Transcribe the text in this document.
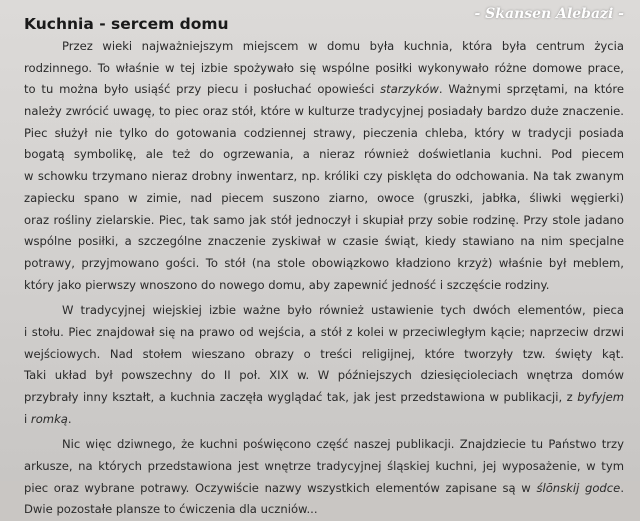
- Skansen Alebazi -
Kuchnia - sercem domu
Przez wieki najważniejszym miejscem w domu była kuchnia, która była centrum życia
rodzinnego. To właśnie w tej izbie spożywało się wspólne posiłki wykonywało różne domowe prace,
to tu można było usiąść przy piecu i posłuchać opowieści starzyków. Ważnymi sprzętami, na które
należy zwrócić uwagę, to piec oraz stół, które w kulturze tradycyjnej posiadały bardzo duże znaczenie.
Piec służył nie tylko do gotowania codziennej strawy, pieczenia chleba, który w tradycji posiada
bogatą symbolikę, ale też do ogrzewania, a nieraz również doświetlania kuchni. Pod piecem
w schowku trzymano nieraz drobny inwentarz, np. króliki czy pisklęta do odchowania. Na tak zwanym
zapiecku spano w zimie, nad piecem suszono ziarno, owoce (gruszki, jabłka, śliwki węgierki)
oraz rośliny zielarskie. Piec, tak samo jak stół jednoczył i skupiał przy sobie rodzinę. Przy stole jadano
wspólne posiłki, a szczególne znaczenie zyskiwał w czasie świąt, kiedy stawiano na nim specjalne
potrawy, przyjmowano gości. To stół (na stole obowiązkowo kładziono krzyż) właśnie był meblem,
który jako pierwszy wnoszono do nowego domu, aby zapewnić jedność i szczęście rodziny.
W tradycyjnej wiejskiej izbie ważne było również ustawienie tych dwóch elementów, pieca
i stołu. Piec znajdował się na prawo od wejścia, a stół z kolei w przeciwległym kącie; naprzeciw drzwi
wejściowych. Nad stołem wieszano obrazy o treści religijnej, które tworzyły tzw. święty kąt.
Taki układ był powszechny do II poł. XIX w. W późniejszych dziesięcioleciach wnętrza domów
przybrały inny kształt, a kuchnia zaczęła wyglądać tak, jak jest przedstawiona w publikacji, z byfyjem
i romką.
Nic więc dziwnego, że kuchni poświęcono część naszej publikacji. Znajdziecie tu Państwo trzy
arkusze, na których przedstawiona jest wnętrze tradycyjnej śląskiej kuchni, jej wyposażenie, w tym
piec oraz wybrane potrawy. Oczywiście nazwy wszystkich elementów zapisane są w ślōnskij godce.
Dwie pozostałe plansze to ćwiczenia dla uczniów...
